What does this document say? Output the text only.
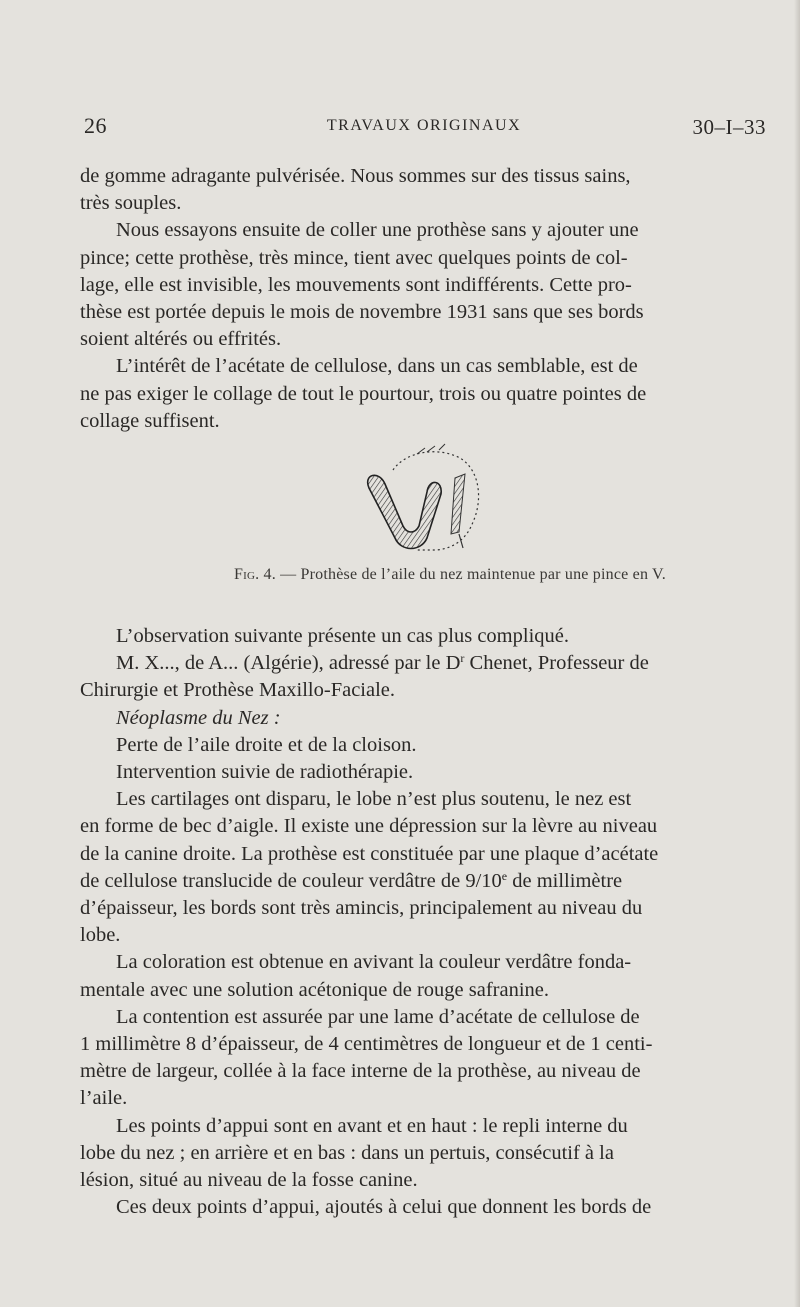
26	TRAVAUX ORIGINAUX	30–I–33

de gomme adragante pulvérisée. Nous sommes sur des tissus sains,
très souples.

Nous essayons ensuite de coller une prothèse sans y ajouter une
pince; cette prothèse, très mince, tient avec quelques points de col-
lage, elle est invisible, les mouvements sont indifférents. Cette pro-
thèse est portée depuis le mois de novembre 1931 sans que ses bords
soient altérés ou effrités.

L’intérêt de l’acétate de cellulose, dans un cas semblable, est de
ne pas exiger le collage de tout le pourtour, trois ou quatre pointes de
collage suffisent.

Fig. 4. — Prothèse de l’aile du nez maintenue par une pince en V.

L’observation suivante présente un cas plus compliqué.

M. X..., de A... (Algérie), adressé par le $D^r$ Chenet, Professeur de
Chirurgie et Prothèse Maxillo-Faciale.

Néoplasme du Nez :

Perte de l’aile droite et de la cloison.

Intervention suivie de radiothérapie.

Les cartilages ont disparu, le lobe n’est plus soutenu, le nez est
en forme de bec d’aigle. Il existe une dépression sur la lèvre au niveau
de la canine droite. La prothèse est constituée par une plaque d’acétate
de cellulose translucide de couleur verdâtre de 9/10e de millimètre
d’épaisseur, les bords sont très amincis, principalement au niveau du
lobe.

La coloration est obtenue en avivant la couleur verdâtre fonda-
mentale avec une solution acétonique de rouge safranine.

La contention est assurée par une lame d’acétate de cellulose de
1 millimètre 8 d’épaisseur, de 4 centimètres de longueur et de 1 centi-
mètre de largeur, collée à la face interne de la prothèse, au niveau de
l’aile.

Les points d’appui sont en avant et en haut : le repli interne du
lobe du nez ; en arrière et en bas : dans un pertuis, consécutif à la
lésion, situé au niveau de la fosse canine.

Ces deux points d’appui, ajoutés à celui que donnent les bords de
